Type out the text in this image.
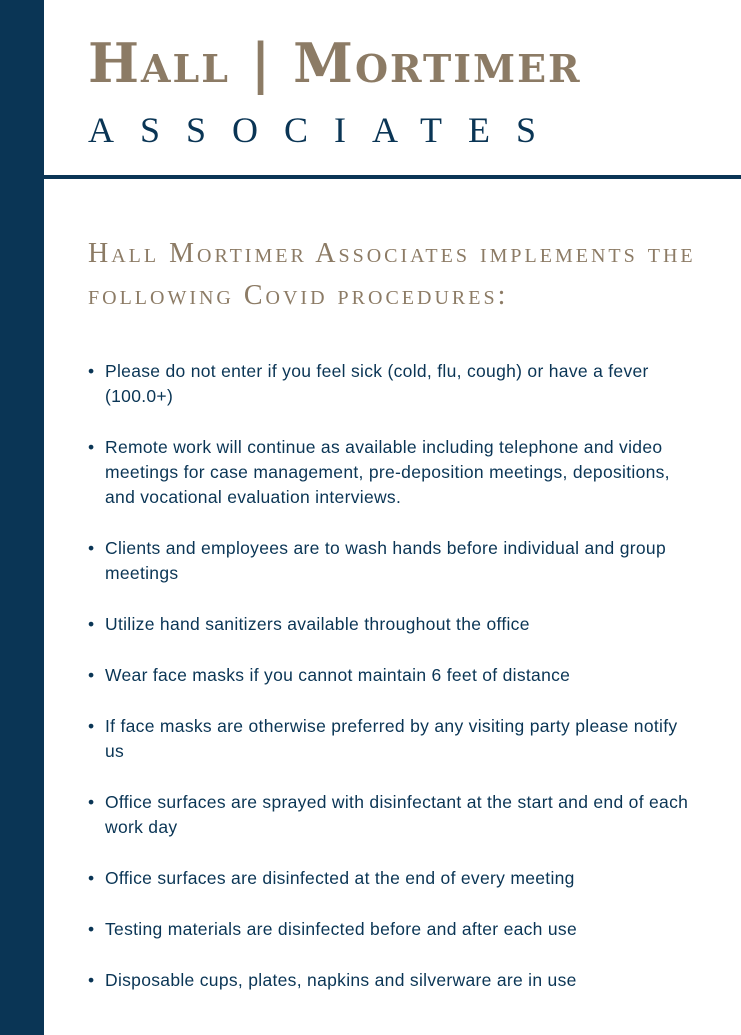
Hall | Mortimer
ASSOCIATES
Hall Mortimer Associates implements the following Covid procedures:
• Please do not enter if you feel sick (cold, flu, cough) or have a fever (100.0+)
• Remote work will continue as available including telephone and video meetings for case management, pre-deposition meetings, depositions, and vocational evaluation interviews.
• Clients and employees are to wash hands before individual and group meetings
• Utilize hand sanitizers available throughout the office
• Wear face masks if you cannot maintain 6 feet of distance
• If face masks are otherwise preferred by any visiting party please notify us
• Office surfaces are sprayed with disinfectant at the start and end of each work day
• Office surfaces are disinfected at the end of every meeting
• Testing materials are disinfected before and after each use
• Disposable cups, plates, napkins and silverware are in use
